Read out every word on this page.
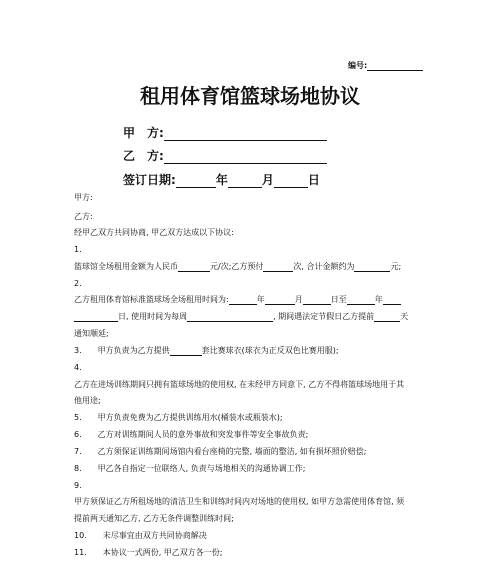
编号:
租用体育馆篮球场地协议
甲　方:
乙　方:
签订日期:	年	月	日
甲方:
乙方:
经甲乙双方共同协商, 甲乙双方达成以下协议:
1.
篮球馆全场租用金额为人民币	元/次;乙方预付	次, 合计金额约为	元;
2.
乙方租用体育馆标准篮球场全场租用时间为:	年	月	日至	年
日, 使用时间为每周	, 期间遇法定节假日乙方提前	天
通知顺延;
3.　　甲方负责为乙方提供	套比赛球衣(球衣为正反双色比赛用服);
4.
乙方在进场训练期间只拥有篮球场地的使用权, 在未经甲方同意下, 乙方不得将篮球场地用于其
他用途;
5.　　甲方负责免费为乙方提供训练用水(桶装水或瓶装水);
6.　　乙方对训练期间人员的意外事故和突发事件等安全事故负责;
7.　　乙方须保证训练期间场馆内看台座椅的完整, 墙面的整洁, 如有损坏照价赔偿;
8.　　甲乙各自指定一位联络人, 负责与场地相关的沟通协调工作;
9.
甲方须保证乙方所租场地的清洁卫生和训练时间内对场地的使用权, 如甲方急需使用体育馆, 须
提前两天通知乙方, 乙方无条件调整训练时间;
10.　　未尽事宜由双方共同协商解决
11.　　本协议一式两份, 甲乙双方各一份;
